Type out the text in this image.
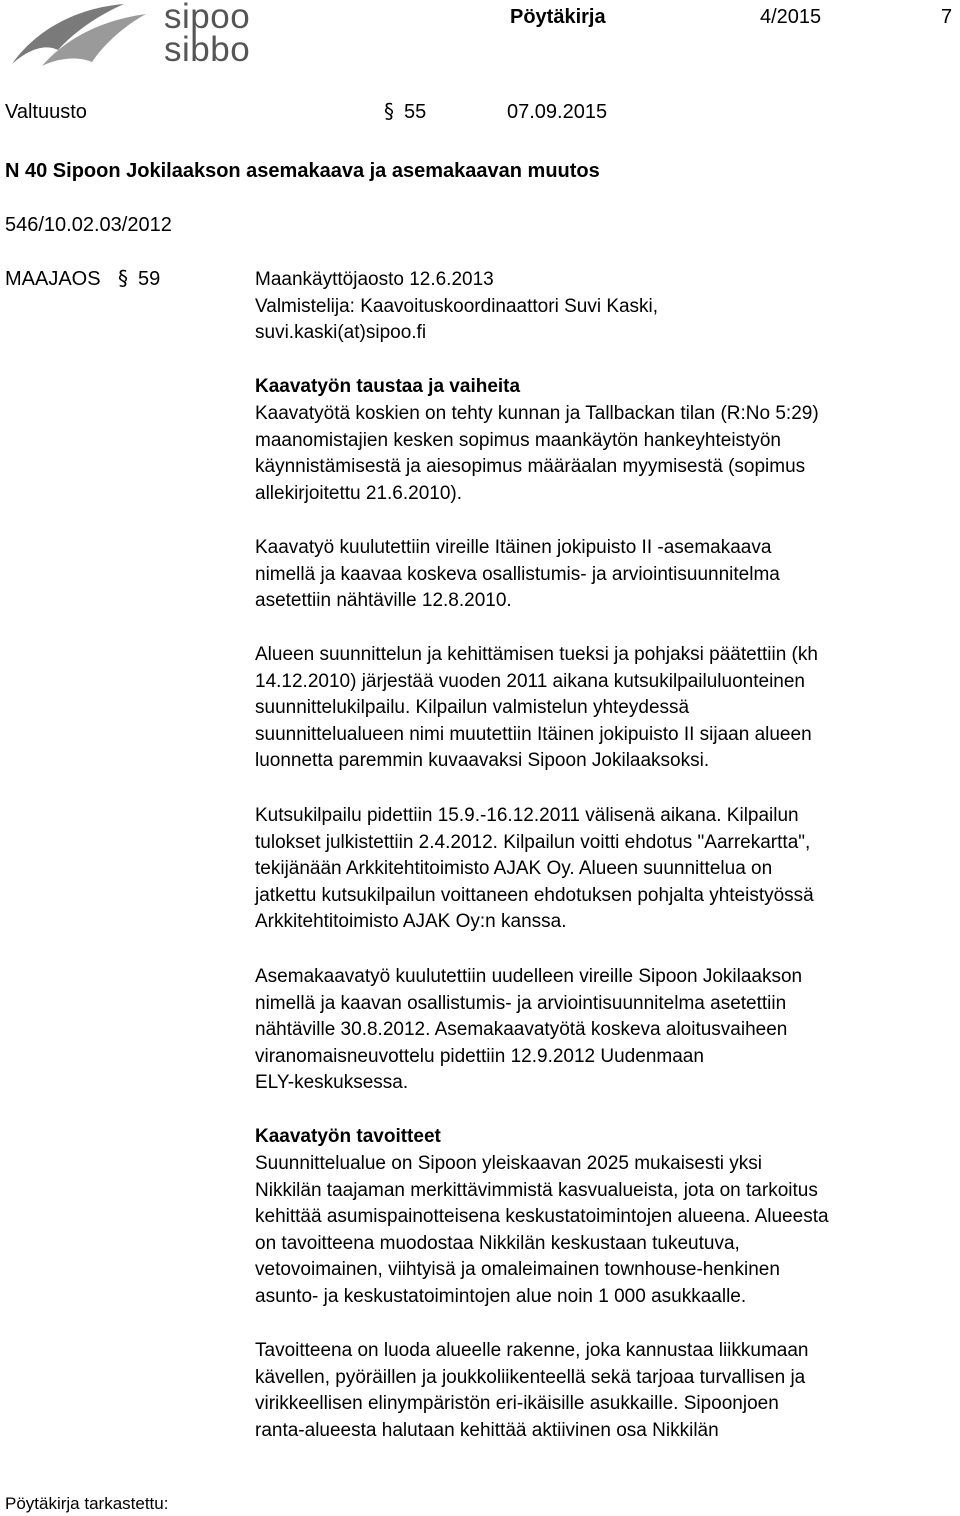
sipoo
sibbo
Pöytäkirja	4/2015	7
Valtuusto	§ 55	07.09.2015
N 40 Sipoon Jokilaakson asemakaava ja asemakaavan muutos
546/10.02.03/2012
MAAJAOS § 59	Maankäyttöjaosto 12.6.2013
Valmistelija: Kaavoituskoordinaattori Suvi Kaski,
suvi.kaski(at)sipoo.fi
Kaavatyön taustaa ja vaiheita
Kaavatyötä koskien on tehty kunnan ja Tallbackan tilan (R:No 5:29)
maanomistajien kesken sopimus maankäytön hankeyhteistyön
käynnistämisestä ja aiesopimus määräalan myymisestä (sopimus
allekirjoitettu 21.6.2010).
Kaavatyö kuulutettiin vireille Itäinen jokipuisto II -asemakaava
nimellä ja kaavaa koskeva osallistumis- ja arviointisuunnitelma
asetettiin nähtäville 12.8.2010.
Alueen suunnittelun ja kehittämisen tueksi ja pohjaksi päätettiin (kh
14.12.2010) järjestää vuoden 2011 aikana kutsukilpailuluonteinen
suunnittelukilpailu. Kilpailun valmistelun yhteydessä
suunnittelualueen nimi muutettiin Itäinen jokipuisto II sijaan alueen
luonnetta paremmin kuvaavaksi Sipoon Jokilaaksoksi.
Kutsukilpailu pidettiin 15.9.-16.12.2011 välisenä aikana. Kilpailun
tulokset julkistettiin 2.4.2012. Kilpailun voitti ehdotus "Aarrekartta",
tekijänään Arkkitehtitoimisto AJAK Oy. Alueen suunnittelua on
jatkettu kutsukilpailun voittaneen ehdotuksen pohjalta yhteistyössä
Arkkitehtitoimisto AJAK Oy:n kanssa.
Asemakaavatyö kuulutettiin uudelleen vireille Sipoon Jokilaakson
nimellä ja kaavan osallistumis- ja arviointisuunnitelma asetettiin
nähtäville 30.8.2012. Asemakaavatyötä koskeva aloitusvaiheen
viranomaisneuvottelu pidettiin 12.9.2012 Uudenmaan
ELY-keskuksessa.
Kaavatyön tavoitteet
Suunnittelualue on Sipoon yleiskaavan 2025 mukaisesti yksi
Nikkilän taajaman merkittävimmistä kasvualueista, jota on tarkoitus
kehittää asumispainotteisena keskustatoimintojen alueena. Alueesta
on tavoitteena muodostaa Nikkilän keskustaan tukeutuva,
vetovoimainen, viihtyisä ja omaleimainen townhouse-henkinen
asunto- ja keskustatoimintojen alue noin 1 000 asukkaalle.
Tavoitteena on luoda alueelle rakenne, joka kannustaa liikkumaan
kävellen, pyöräillen ja joukkoliikenteellä sekä tarjoaa turvallisen ja
virikkeellisen elinympäristön eri-ikäisille asukkaille. Sipoonjoen
ranta-alueesta halutaan kehittää aktiivinen osa Nikkilän
Pöytäkirja tarkastettu:
